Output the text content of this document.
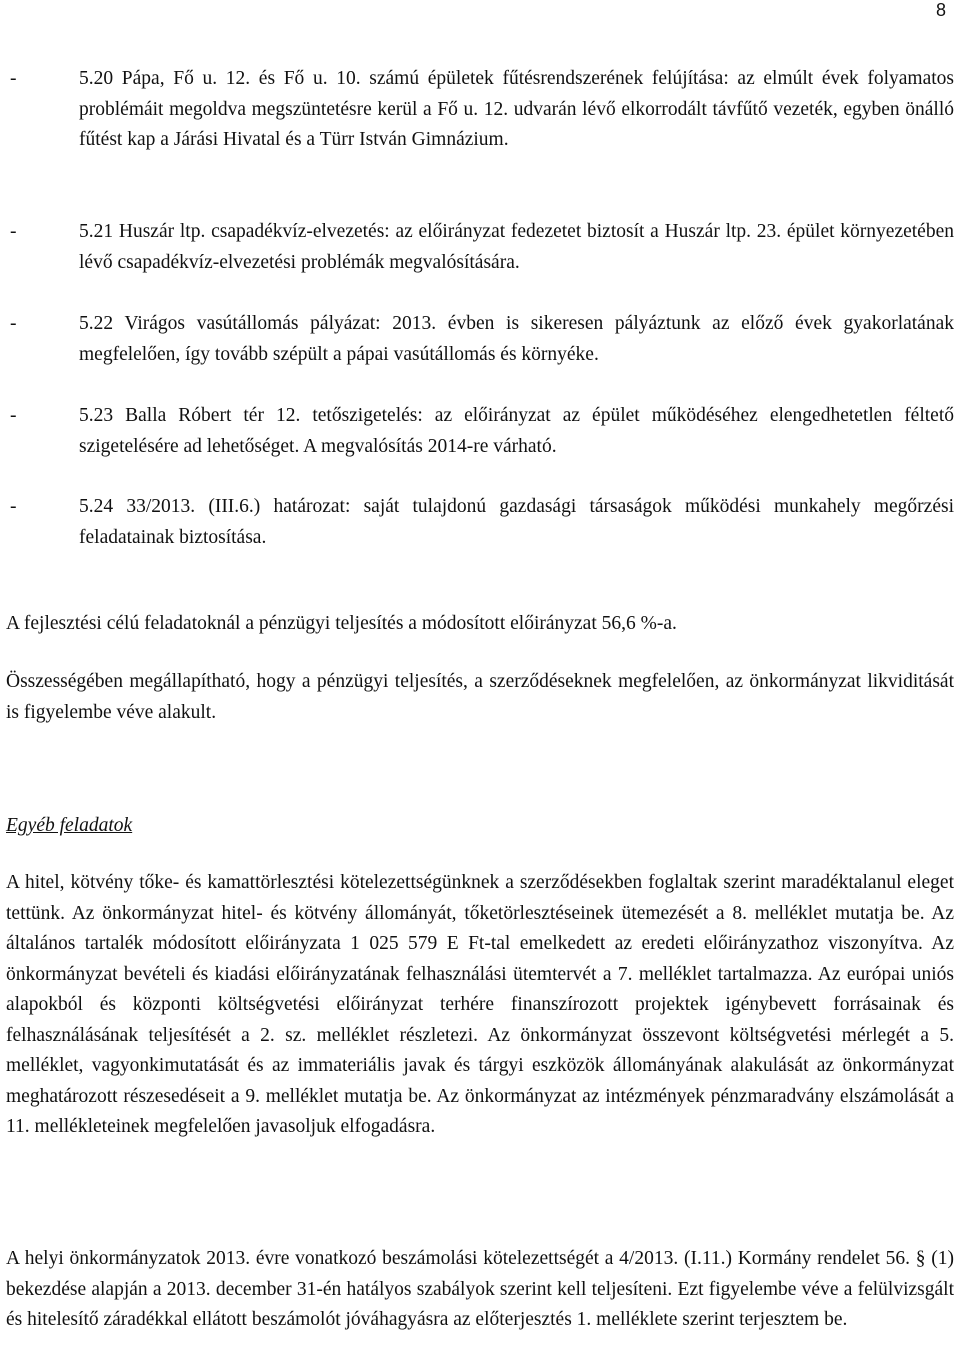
8
-	5.20 Pápa, Fő u. 12. és Fő u. 10. számú épületek fűtésrendszerének felújítása: az elmúlt évek folyamatos problémáit megoldva megszüntetésre kerül a Fő u. 12. udvarán lévő elkorrodált távfűtő vezeték, egyben önálló fűtést kap a Járási Hivatal és a Türr István Gimnázium.
-	5.21 Huszár ltp. csapadékvíz-elvezetés: az előirányzat fedezetet biztosít a Huszár ltp. 23. épület környezetében lévő csapadékvíz-elvezetési problémák megvalósítására.
-	5.22 Virágos vasútállomás pályázat: 2013. évben is sikeresen pályáztunk az előző évek gyakorlatának megfelelően, így tovább szépült a pápai vasútállomás és környéke.
-	5.23 Balla Róbert tér 12. tetőszigetelés: az előirányzat az épület működéséhez elengedhetetlen féltető szigetelésére ad lehetőséget. A megvalósítás 2014-re várható.
-	5.24 33/2013. (III.6.) határozat: saját tulajdonú gazdasági társaságok működési munkahely megőrzési feladatainak biztosítása.
A fejlesztési célú feladatoknál a pénzügyi teljesítés a módosított előirányzat 56,6 %-a.
Összességében megállapítható, hogy a pénzügyi teljesítés, a szerződéseknek megfelelően, az önkormányzat likviditását is figyelembe véve alakult.
Egyéb feladatok
A hitel, kötvény tőke- és kamattörlesztési kötelezettségünknek a szerződésekben foglaltak szerint maradéktalanul eleget tettünk. Az önkormányzat hitel- és kötvény állományát, tőketörlesztéseinek ütemezését a 8. melléklet mutatja be. Az általános tartalék módosított előirányzata 1 025 579 E Ft-tal emelkedett az eredeti előirányzathoz viszonyítva. Az önkormányzat bevételi és kiadási előirányzatának felhasználási ütemtervét a 7. melléklet tartalmazza. Az európai uniós alapokból és központi költségvetési előirányzat terhére finanszírozott projektek igénybevett forrásainak és felhasználásának teljesítését a 2. sz. melléklet részletezi. Az önkormányzat összevont költségvetési mérlegét a 5. melléklet, vagyonkimutatását és az immateriális javak és tárgyi eszközök állományának alakulását az önkormányzat meghatározott részesedéseit a 9. melléklet mutatja be. Az önkormányzat az intézmények pénzmaradvány elszámolását a 11. mellékleteinek megfelelően javasoljuk elfogadásra.
A helyi önkormányzatok 2013. évre vonatkozó beszámolási kötelezettségét a 4/2013. (I.11.) Kormány rendelet 56. § (1) bekezdése alapján a 2013. december 31-én hatályos szabályok szerint kell teljesíteni. Ezt figyelembe véve a felülvizsgált és hitelesítő záradékkal ellátott beszámolót jóváhagyásra az előterjesztés 1. melléklete szerint terjesztem be.
